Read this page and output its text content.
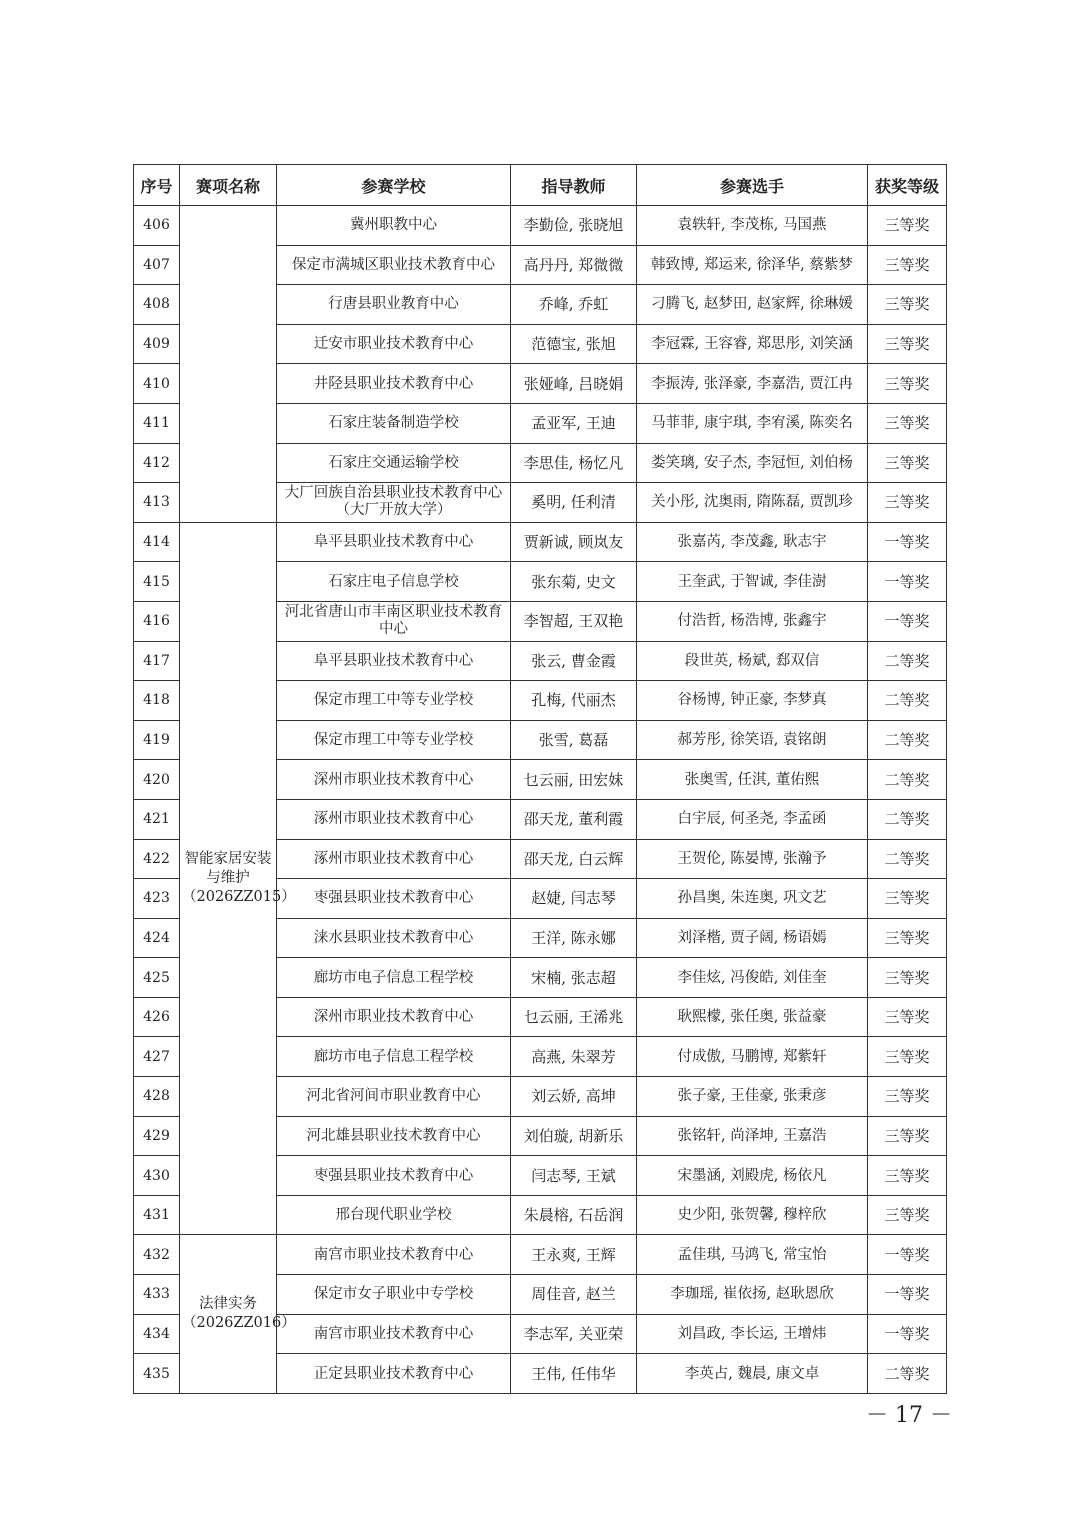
序号	赛项名称	参赛学校	指导教师	参赛选手	获奖等级
406		冀州职教中心	李勤俭, 张晓旭	袁轶轩, 李茂栋, 马国燕	三等奖
407		保定市满城区职业技术教育中心	高丹丹, 郑微微	韩致博, 郑运来, 徐泽华, 蔡紫梦	三等奖
408		行唐县职业教育中心	乔峰, 乔虹	刁腾飞, 赵梦田, 赵家辉, 徐琳媛	三等奖
409		迁安市职业技术教育中心	范德宝, 张旭	李冠霖, 王容睿, 郑思彤, 刘笑涵	三等奖
410		井陉县职业技术教育中心	张娅峰, 吕晓娟	李振涛, 张泽豪, 李嘉浩, 贾江冉	三等奖
411		石家庄装备制造学校	孟亚军, 王迪	马菲菲, 康宇琪, 李宥溪, 陈奕名	三等奖
412		石家庄交通运输学校	李思佳, 杨忆凡	娄笑璃, 安子杰, 李冠恒, 刘伯杨	三等奖
413		大厂回族自治县职业技术教育中心（大厂开放大学）	奚明, 任利清	关小彤, 沈奥雨, 隋陈磊, 贾凯珍	三等奖
414	智能家居安装与维护（2026ZZ015）	阜平县职业技术教育中心	贾新诚, 顾岚友	张嘉芮, 李茂鑫, 耿志宇	一等奖
415		石家庄电子信息学校	张东菊, 史文	王奎武, 于智诚, 李佳澍	一等奖
416		河北省唐山市丰南区职业技术教育中心	李智超, 王双艳	付浩哲, 杨浩博, 张鑫宇	一等奖
417		阜平县职业技术教育中心	张云, 曹金霞	段世英, 杨斌, 郄双信	二等奖
418		保定市理工中等专业学校	孔梅, 代丽杰	谷杨博, 钟正豪, 李梦真	二等奖
419		保定市理工中等专业学校	张雪, 葛磊	郝芳彤, 徐笑语, 袁铭朗	二等奖
420		深州市职业技术教育中心	乜云丽, 田宏妹	张奥雪, 任淇, 董佑熙	二等奖
421		涿州市职业技术教育中心	邵天龙, 董利霞	白宇辰, 何圣尧, 李孟函	二等奖
422		涿州市职业技术教育中心	邵天龙, 白云辉	王贺伦, 陈晏博, 张瀚予	二等奖
423		枣强县职业技术教育中心	赵婕, 闫志琴	孙昌奥, 朱连奥, 巩文艺	三等奖
424		涞水县职业技术教育中心	王洋, 陈永娜	刘泽楷, 贾子阔, 杨语嫣	三等奖
425		廊坊市电子信息工程学校	宋楠, 张志超	李佳炫, 冯俊皓, 刘佳奎	三等奖
426		深州市职业技术教育中心	乜云丽, 王浠兆	耿熙檬, 张任奥, 张益豪	三等奖
427		廊坊市电子信息工程学校	高燕, 朱翠芳	付成傲, 马鹏博, 郑紫轩	三等奖
428		河北省河间市职业教育中心	刘云娇, 高坤	张子豪, 王佳豪, 张秉彦	三等奖
429		河北雄县职业技术教育中心	刘伯璇, 胡新乐	张铭轩, 尚泽坤, 王嘉浩	三等奖
430		枣强县职业技术教育中心	闫志琴, 王斌	宋墨涵, 刘殿虎, 杨依凡	三等奖
431		邢台现代职业学校	朱晨榕, 石岳润	史少阳, 张贺馨, 穆梓欣	三等奖
432	法律实务（2026ZZ016）	南宫市职业技术教育中心	王永爽, 王辉	孟佳琪, 马鸿飞, 常宝怡	一等奖
433		保定市女子职业中专学校	周佳音, 赵兰	李珈瑶, 崔依扬, 赵耿恩欣	一等奖
434		南宫市职业技术教育中心	李志军, 关亚荣	刘昌政, 李长运, 王增炜	一等奖
435		正定县职业技术教育中心	王伟, 任伟华	李英占, 魏晨, 康文卓	二等奖
－ 17 －
